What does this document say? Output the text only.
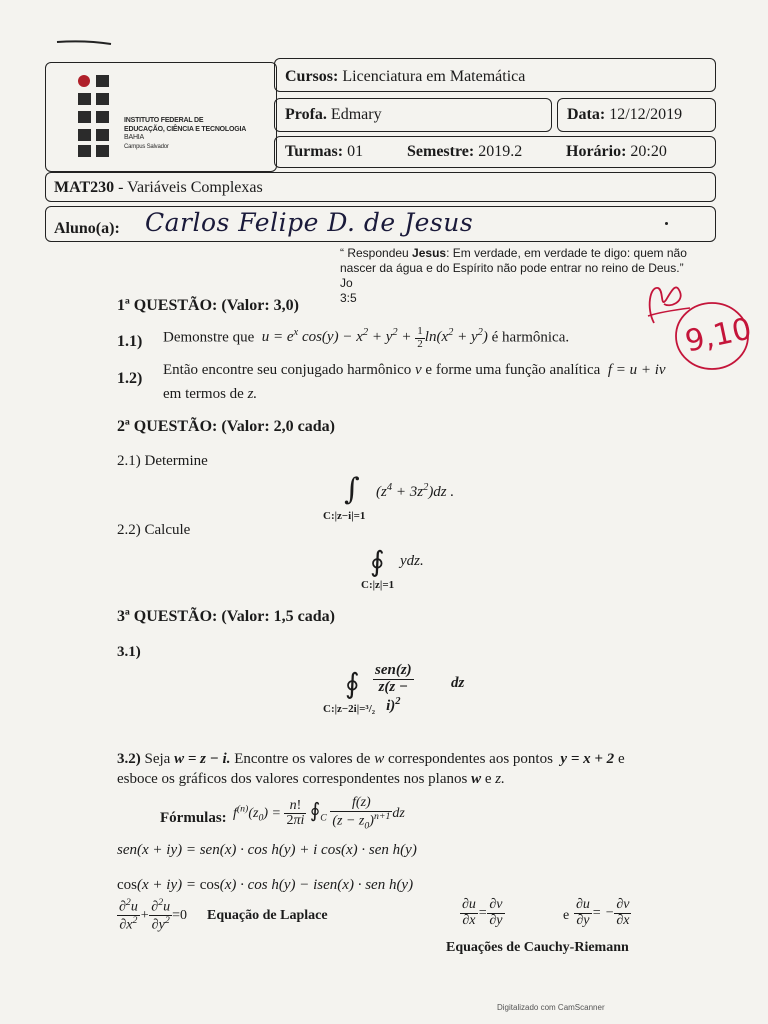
INSTITUTO FEDERAL DE
EDUCAÇÃO, CIÊNCIA E TECNOLOGIA
BAHIA
Campus Salvador
Cursos: Licenciatura em Matemática
Profa. Edmary	Data: 12/12/2019
Turmas: 01	Semestre: 2019.2	Horário: 20:20
MAT230 - Variáveis Complexas
Aluno(a): Carlos Felipe D. de Jesus
“ Respondeu Jesus: Em verdade, em verdade te digo: quem não
nascer da água e do Espírito não pode entrar no reino de Deus.” Jo
3:5
9,10
1ª QUESTÃO: (Valor: 3,0)
1.1) Demonstre que  $u = e^x$ $\cos(y) - x^2 + y^2 + \frac{1}{2} \ln(x^2 + y^2)$ é harmônica.
1.2) Então encontre seu conjugado harmônico v e forme uma função analítica  f = u + iv
em termos de z.
2ª QUESTÃO: (Valor: 2,0 cada)
2.1) Determine
∫ $(z^4 + 3z^2)dz$ .
C:|z−i|=1
2.2) Calcule
∮ ydz.
C:|z|=1
3ª QUESTÃO: (Valor: 1,5 cada)
3.1)
∮ $\frac{\text{sen(z)}}{z(z - i)^2}$ dz
C:|z−2i|=³/₂
3.2) Seja w = z − i. Encontre os valores de w correspondentes aos pontos  y = x + 2 e
esboce os gráficos dos valores correspondentes nos planos w e z.
Fórmulas: $f^{(n)}(z_0) = \frac{n!}{2\pi i}$ $∮_C \frac{f(z)}{(z - z_0)^{n+1}}$ dz
sen(x + iy) = sen(x) · cos h(y) + i cos(x) · sen h(y)
cos(x + iy) = cos(x) · cos h(y) − isen(x) · sen h(y)
$\frac{\partial^2u}{\partial x^2} + \frac{\partial^2u}{\partial y^2} =0$ Equação de Laplace	$\frac{\partial u}{\partial x} = \frac{\partial v}{\partial y}$	e $\frac{\partial u}{\partial y}$ = − $\frac{\partial v}{\partial x}$
Equações de Cauchy-Riemann
Digitalizado com CamScanner
